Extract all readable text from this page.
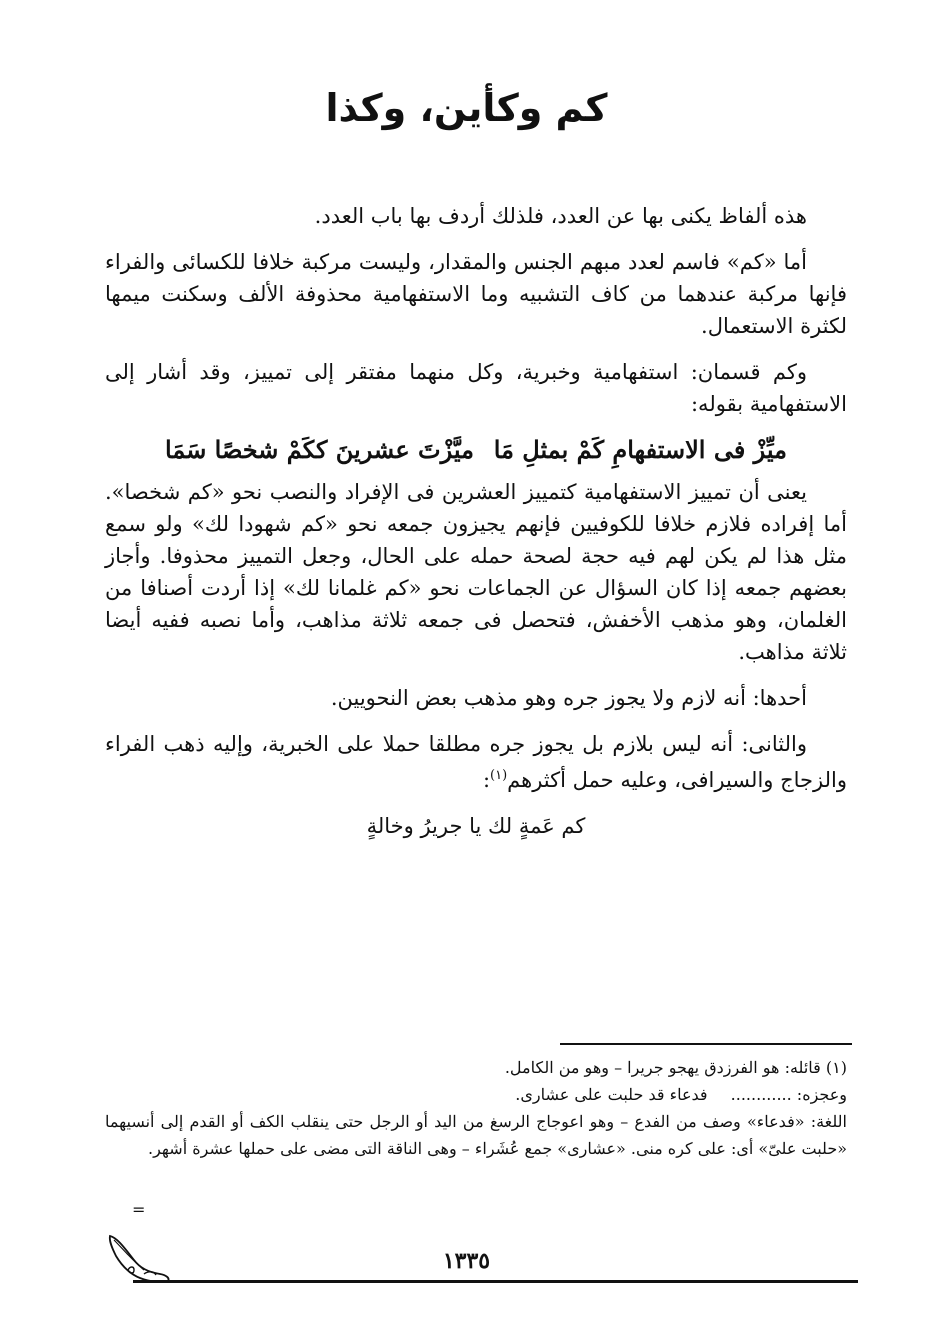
كم وكأين، وكذا

هذه ألفاظ يكنى بها عن العدد، فلذلك أردف بها باب العدد.

أما «كم» فاسم لعدد مبهم الجنس والمقدار، وليست مركبة خلافا للكسائى والفراء فإنها مركبة عندهما من كاف التشبيه وما الاستفهامية محذوفة الألف وسكنت ميمها لكثرة الاستعمال.

وكم قسمان: استفهامية وخبرية، وكل منهما مفتقر إلى تمييز، وقد أشار إلى الاستفهامية بقوله:

ميِّزْ فى الاستفهامِ كَمْ بمثلِ مَا
ميَّزْتَ عشرينَ ككَمْ شخصًا سَمَا

يعنى أن تمييز الاستفهامية كتمييز العشرين فى الإفراد والنصب نحو «كم شخصا». أما إفراده فلازم خلافا للكوفيين فإنهم يجيزون جمعه نحو «كم شهودا لك» ولو سمع مثل هذا لم يكن لهم فيه حجة لصحة حمله على الحال، وجعل التمييز محذوفا. وأجاز بعضهم جمعه إذا كان السؤال عن الجماعات نحو «كم غلمانا لك» إذا أردت أصنافا من الغلمان، وهو مذهب الأخفش، فتحصل فى جمعه ثلاثة مذاهب، وأما نصبه ففيه أيضا ثلاثة مذاهب.

أحدها: أنه لازم ولا يجوز جره وهو مذهب بعض النحويين.

والثانى: أنه ليس بلازم بل يجوز جره مطلقا حملا على الخبرية، وإليه ذهب الفراء والزجاج والسيرافى، وعليه حمل أكثرهم$^{(١)}$:

كم عَمةٍ لك يا جريرُ وخالةٍ

(١) قائله: هو الفرزدق يهجو جريرا – وهو من الكامل.

وعجزه: ............ فدعاء قد حلبت على عشارى.

اللغة: «فدعاء» وصف من الفدع – وهو اعوجاج الرسغ من اليد أو الرجل حتى ينقلب الكف أو القدم إلى أنسيهما «حلبت علىّ» أى: على كره منى. «عشارى» جمع عُشَراء – وهى الناقة التى مضى على حملها عشرة أشهر.

=
١٣٣٥
